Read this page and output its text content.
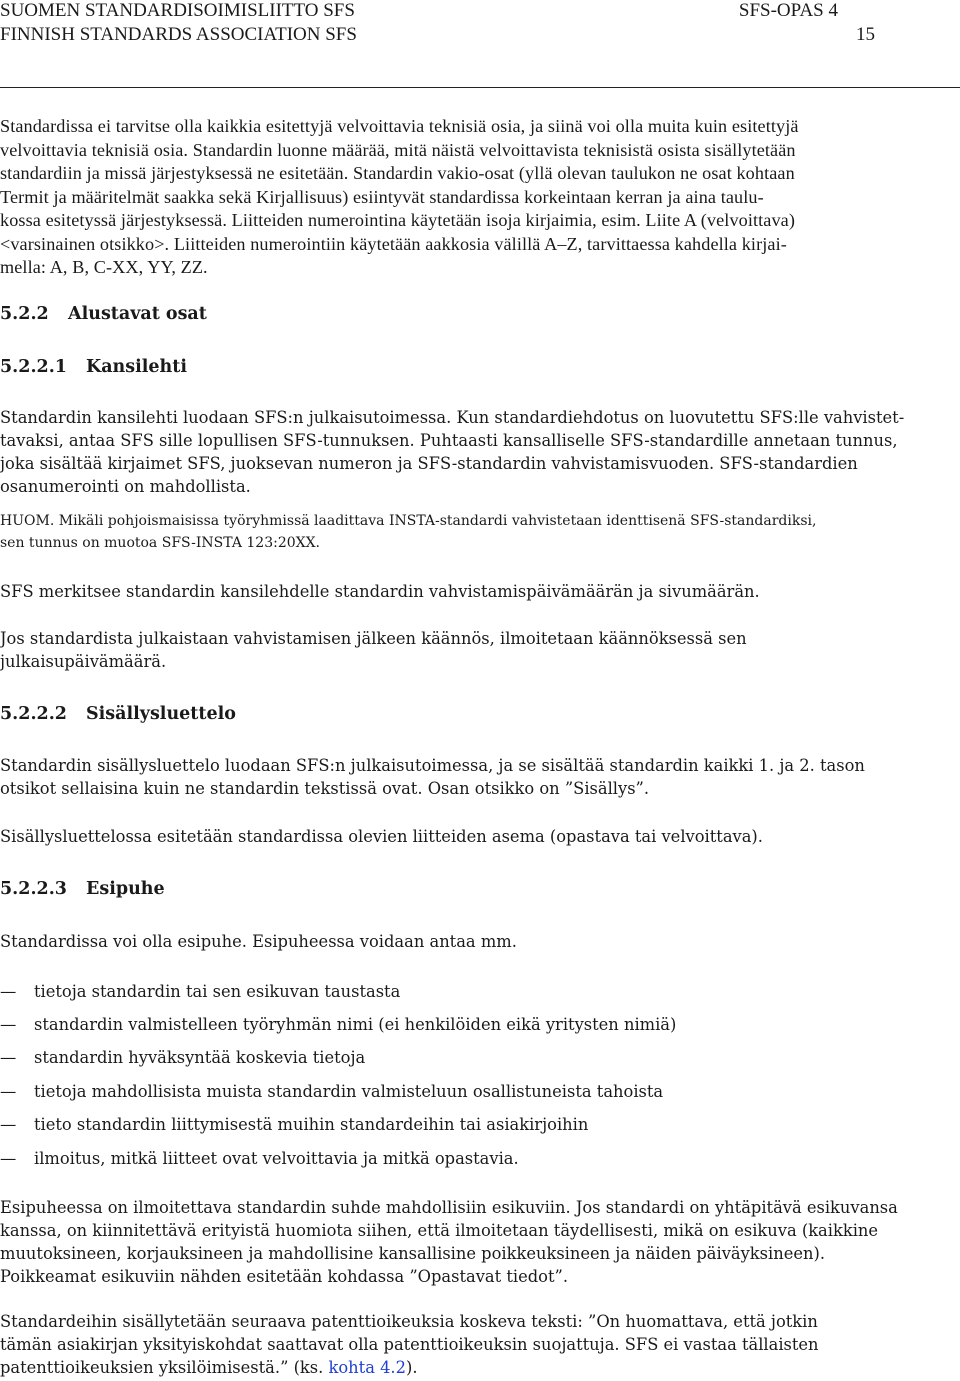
SUOMEN STANDARDISOIMISLIITTO SFS	SFS-OPAS 4
FINNISH STANDARDS ASSOCIATION SFS	15
Standardissa ei tarvitse olla kaikkia esitettyjä velvoittavia teknisiä osia, ja siinä voi olla muita kuin esitettyjä
velvoittavia teknisiä osia. Standardin luonne määrää, mitä näistä velvoittavista teknisistä osista sisällytetään
standardiin ja missä järjestyksessä ne esitetään. Standardin vakio-osat (yllä olevan taulukon ne osat kohtaan
Termit ja määritelmät saakka sekä Kirjallisuus) esiintyvät standardissa korkeintaan kerran ja aina taulu-
kossa esitetyssä järjestyksessä. Liitteiden numerointina käytetään isoja kirjaimia, esim. Liite A (velvoittava)
<varsinainen otsikko>. Liitteiden numerointiin käytetään aakkosia välillä A–Z, tarvittaessa kahdella kirjai-
mella: A, B, C-XX, YY, ZZ.
5.2.2 Alustavat osat
5.2.2.1 Kansilehti
Standardin kansilehti luodaan SFS:n julkaisutoimessa. Kun standardiehdotus on luovutettu SFS:lle vahvistet-
tavaksi, antaa SFS sille lopullisen SFS-tunnuksen. Puhtaasti kansalliselle SFS-standardille annetaan tunnus,
joka sisältää kirjaimet SFS, juoksevan numeron ja SFS-standardin vahvistamisvuoden. SFS-standardien
osanumerointi on mahdollista.
HUOM. Mikäli pohjoismaisissa työryhmissä laadittava INSTA-standardi vahvistetaan identtisenä SFS-standardiksi,
sen tunnus on muotoa SFS-INSTA 123:20XX.
SFS merkitsee standardin kansilehdelle standardin vahvistamispäivämäärän ja sivumäärän.
Jos standardista julkaistaan vahvistamisen jälkeen käännös, ilmoitetaan käännöksessä sen
julkaisupäivämäärä.
5.2.2.2 Sisällysluettelo
Standardin sisällysluettelo luodaan SFS:n julkaisutoimessa, ja se sisältää standardin kaikki 1. ja 2. tason
otsikot sellaisina kuin ne standardin tekstissä ovat. Osan otsikko on ”Sisällys”.
Sisällysluettelossa esitetään standardissa olevien liitteiden asema (opastava tai velvoittava).
5.2.2.3 Esipuhe
Standardissa voi olla esipuhe. Esipuheessa voidaan antaa mm.
— tietoja standardin tai sen esikuvan taustasta
— standardin valmistelleen työryhmän nimi (ei henkilöiden eikä yritysten nimiä)
— standardin hyväksyntää koskevia tietoja
— tietoja mahdollisista muista standardin valmisteluun osallistuneista tahoista
— tieto standardin liittymisestä muihin standardeihin tai asiakirjoihin
— ilmoitus, mitkä liitteet ovat velvoittavia ja mitkä opastavia.
Esipuheessa on ilmoitettava standardin suhde mahdollisiin esikuviin. Jos standardi on yhtäpitävä esikuvansa
kanssa, on kiinnitettävä erityistä huomiota siihen, että ilmoitetaan täydellisesti, mikä on esikuva (kaikkine
muutoksineen, korjauksineen ja mahdollisine kansallisine poikkeuksineen ja näiden päiväyksineen).
Poikkeamat esikuviin nähden esitetään kohdassa ”Opastavat tiedot”.
Standardeihin sisällytetään seuraava patenttioikeuksia koskeva teksti: ”On huomattava, että jotkin
tämän asiakirjan yksityiskohdat saattavat olla patenttioikeuksin suojattuja. SFS ei vastaa tällaisten
patenttioikeuksien yksilöimisestä.” (ks. kohta 4.2).
